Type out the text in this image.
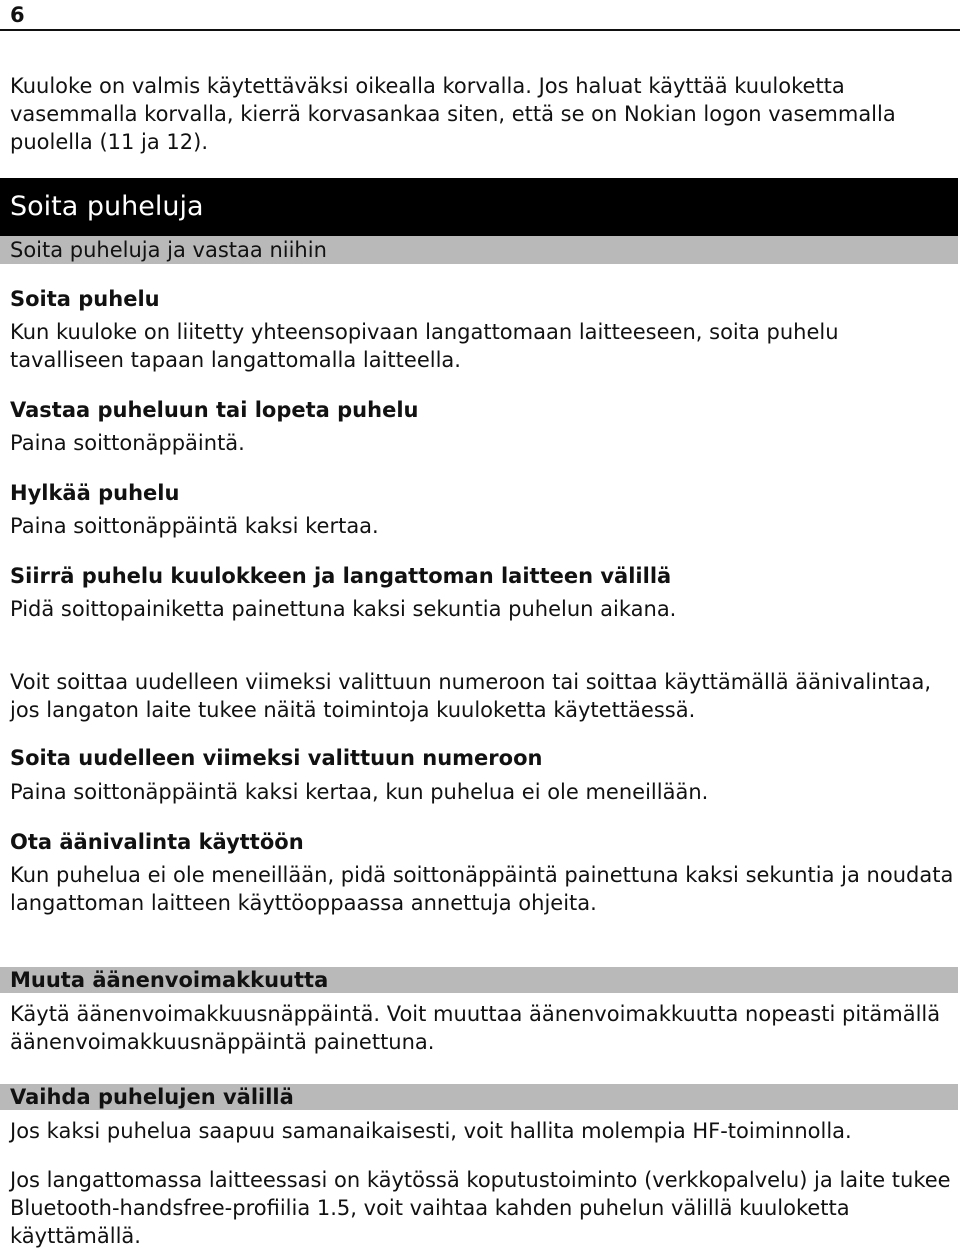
6

Kuuloke on valmis käytettäväksi oikealla korvalla. Jos haluat käyttää kuuloketta vasemmalla korvalla, kierrä korvasankaa siten, että se on Nokian logon vasemmalla puolella (11 ja 12).

Soita puheluja
Soita puheluja ja vastaa niihin

Soita puhelu

Kun kuuloke on liitetty yhteensopivaan langattomaan laitteeseen, soita puhelu tavalliseen tapaan langattomalla laitteella.

Vastaa puheluun tai lopeta puhelu

Paina soittonäppäintä.

Hylkää puhelu

Paina soittonäppäintä kaksi kertaa.

Siirrä puhelu kuulokkeen ja langattoman laitteen välillä

Pidä soittopainiketta painettuna kaksi sekuntia puhelun aikana.

Voit soittaa uudelleen viimeksi valittuun numeroon tai soittaa käyttämällä äänivalintaa, jos langaton laite tukee näitä toimintoja kuuloketta käytettäessä.

Soita uudelleen viimeksi valittuun numeroon

Paina soittonäppäintä kaksi kertaa, kun puhelua ei ole meneillään.

Ota äänivalinta käyttöön

Kun puhelua ei ole meneillään, pidä soittonäppäintä painettuna kaksi sekuntia ja noudata langattoman laitteen käyttöoppaassa annettuja ohjeita.

Muuta äänenvoimakkuutta

Käytä äänenvoimakkuusnäppäintä. Voit muuttaa äänenvoimakkuutta nopeasti pitämällä äänenvoimakkuusnäppäintä painettuna.

Vaihda puhelujen välillä

Jos kaksi puhelua saapuu samanaikaisesti, voit hallita molempia HF-toiminnolla.

Jos langattomassa laitteessasi on käytössä koputustoiminto (verkkopalvelu) ja laite tukee Bluetooth-handsfree-profiilia 1.5, voit vaihtaa kahden puhelun välillä kuuloketta käyttämällä.
